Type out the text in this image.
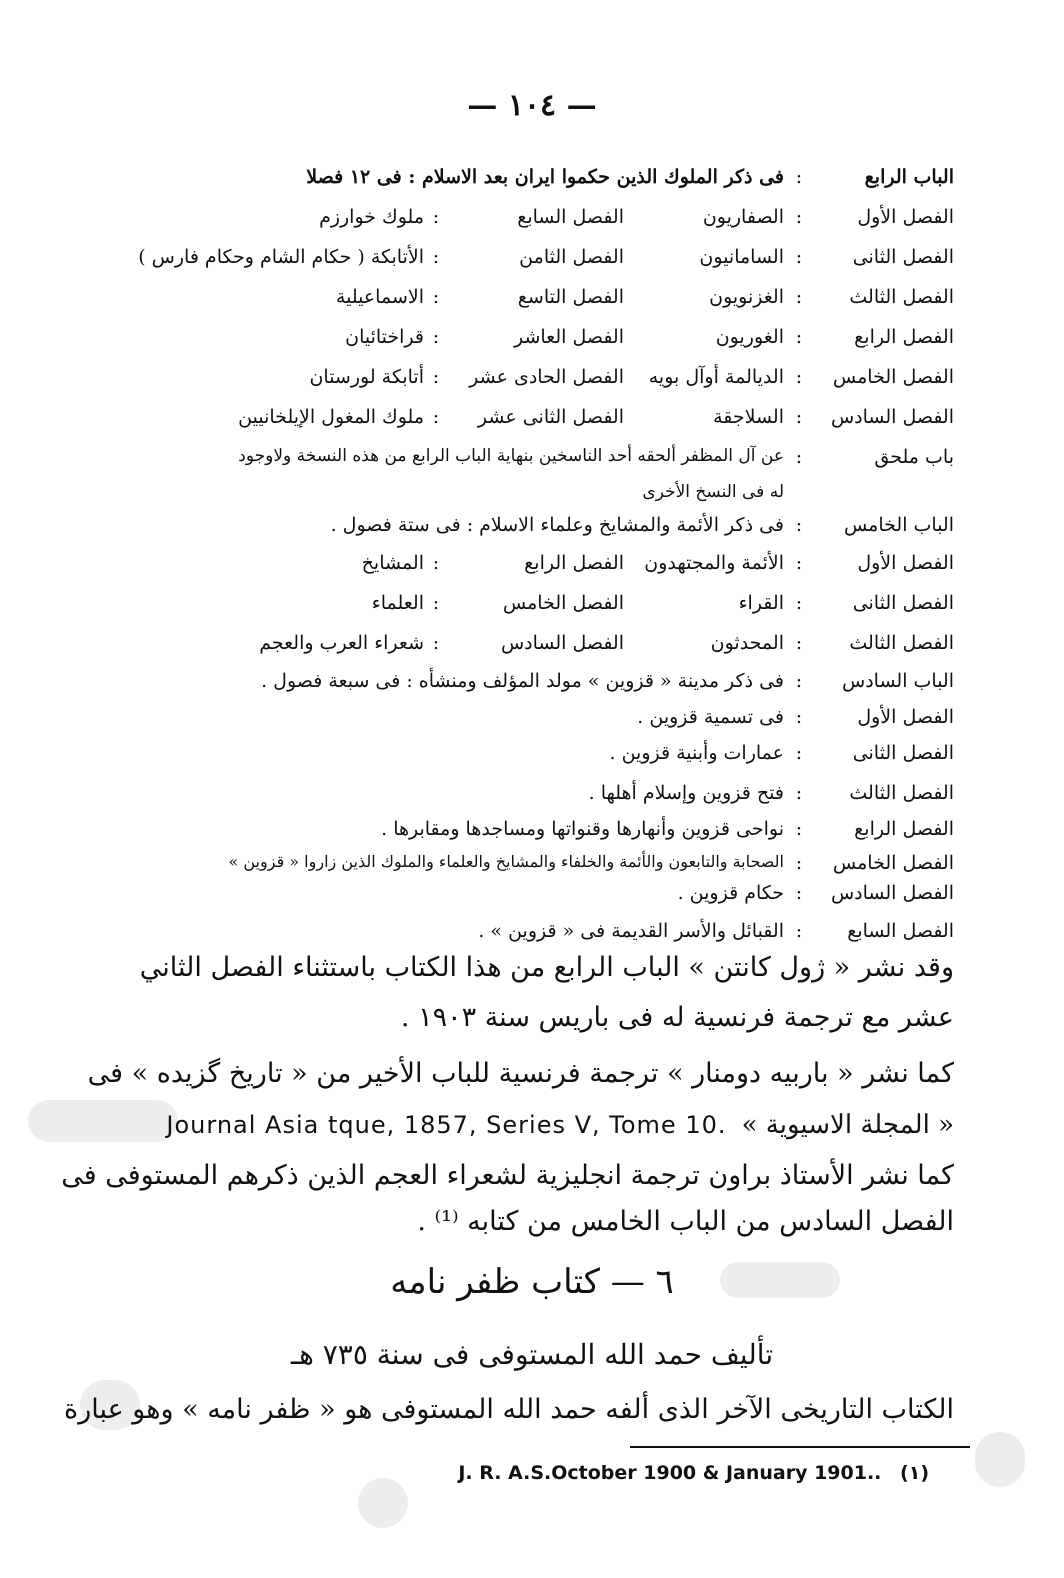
— ١٠٤ —
الباب الرابع
:
فى ذكر الملوك الذين حكموا ايران بعد الاسلام : فى ١٢ فصلا
الفصل الأول
:
الصفاريون
الفصل السابع
:
ملوك خوارزم
الفصل الثانى
:
السامانيون
الفصل الثامن
:
الأتابكة ( حكام الشام وحكام فارس )
الفصل الثالث
:
الغزنويون
الفصل التاسع
:
الاسماعيلية
الفصل الرابع
:
الغوريون
الفصل العاشر
:
قراختائيان
الفصل الخامس
:
الديالمة أوآل بويه
الفصل الحادى عشر
:
أتابكة لورستان
الفصل السادس
:
السلاجقة
الفصل الثانى عشر
:
ملوك المغول الإيلخانيين
باب ملحق
:
عن آل المظفر ألحقه أحد الناسخين بنهاية الباب الرابع من هذه النسخة ولاوجود
له فى النسخ الأخرى
الباب الخامس
:
فى ذكر الأئمة والمشايخ وعلماء الاسلام : فى ستة فصول .
الفصل الأول
:
الأئمة والمجتهدون
الفصل الرابع
:
المشايخ
الفصل الثانى
:
القراء
الفصل الخامس
:
العلماء
الفصل الثالث
:
المحدثون
الفصل السادس
:
شعراء العرب والعجم
الباب السادس
:
فى ذكر مدينة « قزوين » مولد المؤلف ومنشأه : فى سبعة فصول .
الفصل الأول
:
فى تسمية قزوين .
الفصل الثانى
:
عمارات وأبنية قزوين .
الفصل الثالث
:
فتح قزوين وإسلام أهلها .
الفصل الرابع
:
نواحى قزوين وأنهارها وقنواتها ومساجدها ومقابرها .
الفصل الخامس
:
الصحابة والتابعون والأئمة والخلفاء والمشايخ والعلماء والملوك الذين زاروا « قزوين »
الفصل السادس
:
حكام قزوين .
الفصل السابع
:
القبائل والأسر القديمة فى « قزوين » .
وقد نشر « ژول كانتن » الباب الرابع من هذا الكتاب باستثناء الفصل الثاني
عشر مع ترجمة فرنسية له فى باريس سنة ١٩٠٣ .
كما نشر « باربيه دومنار » ترجمة فرنسية للباب الأخير من « تاريخ گزيده » فى
« المجلة الاسيوية » Journal Asia tque, 1857, Series V, Tome 10.
كما نشر الأستاذ براون ترجمة انجليزية لشعراء العجم الذين ذكرهم المستوفى فى
الفصل السادس من الباب الخامس من كتابه ⁽¹⁾ .
٦ — كتاب ظفر نامه
تأليف حمد الله المستوفى فى سنة ٧٣٥ هـ
الكتاب التاريخى الآخر الذى ألفه حمد الله المستوفى هو « ظفر نامه » وهو عبارة
J. R. A.S.October 1900 & January 1901.. (١)
